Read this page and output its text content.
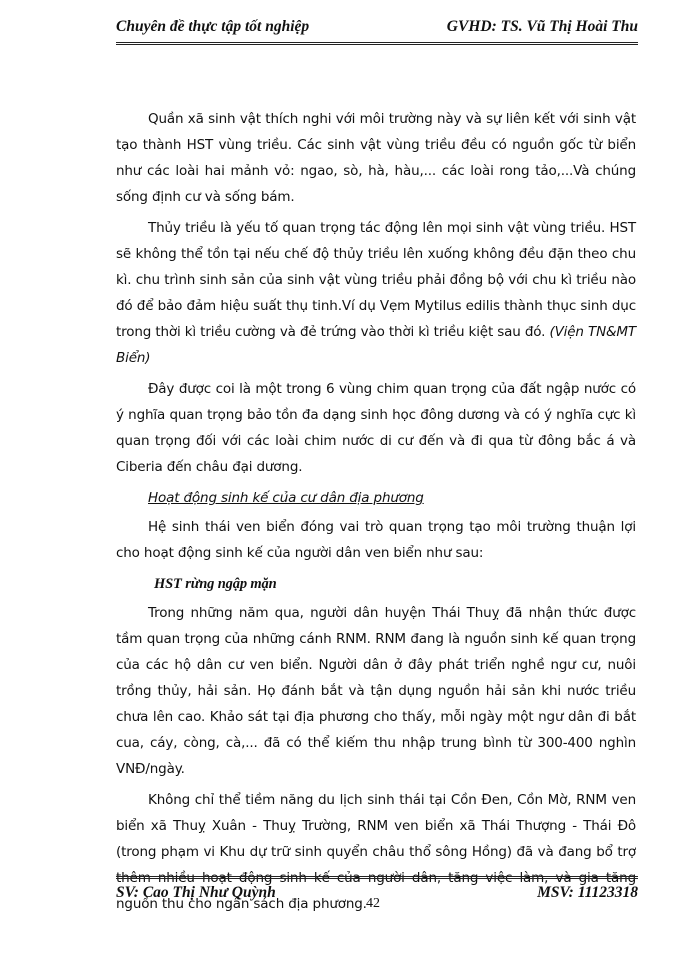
Chuyên đề thực tập tốt nghiệp	GVHD: TS. Vũ Thị Hoài Thu

Quần xã sinh vật thích nghi với môi trường này và sự liên kết với sinh vật tạo thành HST vùng triều. Các sinh vật vùng triều đều có nguồn gốc từ biển như các loài hai mảnh vỏ: ngao, sò, hà, hàu,... các loài rong tảo,...Và chúng sống định cư và sống bám.

Thủy triều là yếu tố quan trọng tác động lên mọi sinh vật vùng triều. HST sẽ không thể tồn tại nếu chế độ thủy triều lên xuống không đều đặn theo chu kì. chu trình sinh sản của sinh vật vùng triều phải đồng bộ với chu kì triều nào đó để bảo đảm hiệu suất thụ tinh.Ví dụ Vẹm Mytilus edilis thành thục sinh dục trong thời kì triều cường và đẻ trứng vào thời kì triều kiệt sau đó. (Viện TN&MT Biển)

Đây được coi là một trong 6 vùng chim quan trọng của đất ngập nước có ý nghĩa quan trọng bảo tồn đa dạng sinh học đông dương và có ý nghĩa cực kì quan trọng đối với các loài chim nước di cư đến và đi qua từ đông bắc á và Ciberia đến châu đại dương.

Hoạt động sinh kế của cư dân địa phương

Hệ sinh thái ven biển đóng vai trò quan trọng tạo môi trường thuận lợi cho hoạt động sinh kế của người dân ven biển như sau:

HST rừng ngập mặn

Trong những năm qua, người dân huyện Thái Thuỵ đã nhận thức được tầm quan trọng của những cánh RNM. RNM đang là nguồn sinh kế quan trọng của các hộ dân cư ven biển. Người dân ở đây phát triển nghề ngư cư, nuôi trồng thủy, hải sản. Họ đánh bắt và tận dụng nguồn hải sản khi nước triều chưa lên cao. Khảo sát tại địa phương cho thấy, mỗi ngày một ngư dân đi bắt cua, cáy, còng, cà,... đã có thể kiếm thu nhập trung bình từ 300-400 nghìn VNĐ/ngày.

Không chỉ thể tiềm năng du lịch sinh thái tại Cồn Đen, Cồn Mờ, RNM ven biển xã Thuỵ Xuân - Thuỵ Trường, RNM ven biển xã Thái Thượng - Thái Đô (trong phạm vi Khu dự trữ sinh quyển châu thổ sông Hồng) đã và đang bổ trợ thêm nhiều hoạt động sinh kế của người dân, tăng việc làm, và gia tăng nguồn thu cho ngân sách địa phương.

SV: Cao Thị Như Quỳnh
42
MSV: 11123318
